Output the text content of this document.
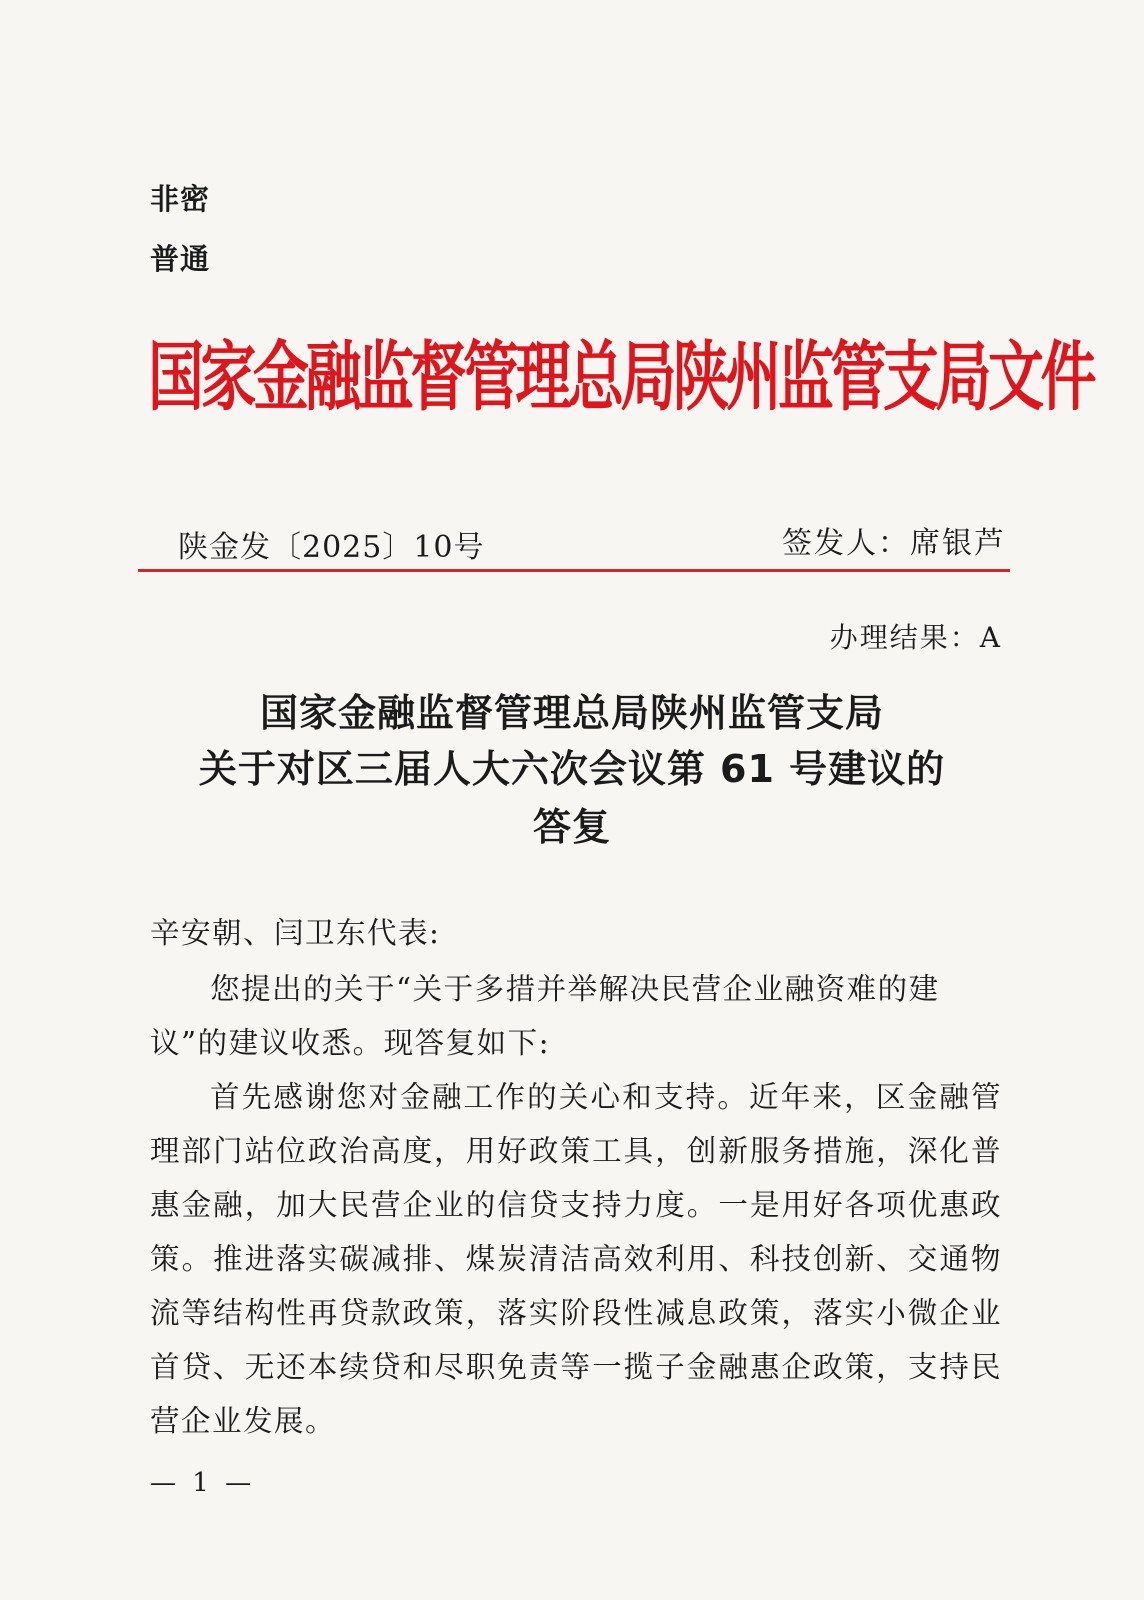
非密
普通
国家金融监督管理总局陕州监管支局文件
陕金发〔2025〕10号	签发人：席银芦
办理结果：A
国家金融监督管理总局陕州监管支局
关于对区三届人大六次会议第 61 号建议的
答复
辛安朝、闫卫东代表:
您提出的关于“关于多措并举解决民营企业融资难的建议”的建议收悉。现答复如下:
首先感谢您对金融工作的关心和支持。近年来，区金融管理部门站位政治高度，用好政策工具，创新服务措施，深化普惠金融，加大民营企业的信贷支持力度。一是用好各项优惠政策。推进落实碳减排、煤炭清洁高效利用、科技创新、交通物流等结构性再贷款政策，落实阶段性减息政策，落实小微企业首贷、无还本续贷和尽职免责等一揽子金融惠企政策，支持民营企业发展。
— 1 —
